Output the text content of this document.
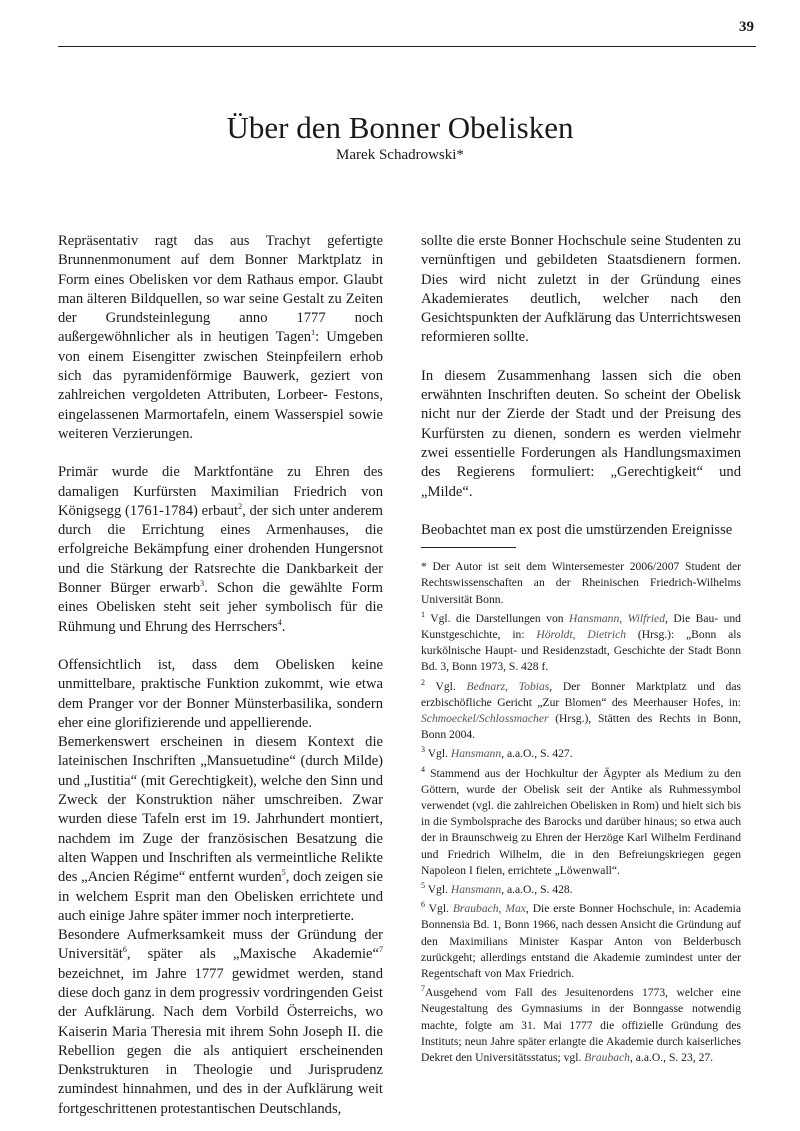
39
Über den Bonner Obelisken
Marek Schadrowski*

Repräsentativ ragt das aus Trachyt gefertigte Brunnenmonument auf dem Bonner Marktplatz in Form eines Obelisken vor dem Rathaus empor. Glaubt man älteren Bildquellen, so war seine Gestalt zu Zeiten der Grundsteinlegung anno 1777 noch außergewöhnlicher als in heutigen Tagen$^1$: Umgeben von einem Eisengitter zwischen Steinpfeilern erhob sich das pyramidenförmige Bauwerk, geziert von zahlreichen vergoldeten Attributen, Lorbeer- Festons, eingelassenen Marmortafeln, einem Wasserspiel sowie weiteren Verzierungen.

Primär wurde die Marktfontäne zu Ehren des damaligen Kurfürsten Maximilian Friedrich von Königsegg (1761-1784) erbaut$^2$, der sich unter anderem durch die Errichtung eines Armenhauses, die erfolgreiche Bekämpfung einer drohenden Hungersnot und die Stärkung der Ratsrechte die Dankbarkeit der Bonner Bürger erwarb$^3$. Schon die gewählte Form eines Obelisken steht seit jeher symbolisch für die Rühmung und Ehrung des Herrschers$^4$.

Offensichtlich ist, dass dem Obelisken keine unmittelbare, praktische Funktion zukommt, wie etwa dem Pranger vor der Bonner Münsterbasilika, sondern eher eine glorifizierende und appellierende.

Bemerkenswert erscheinen in diesem Kontext die lateinischen Inschriften „Mansuetudine“ (durch Milde) und „Iustitia“ (mit Gerechtigkeit), welche den Sinn und Zweck der Konstruktion näher umschreiben. Zwar wurden diese Tafeln erst im 19. Jahrhundert montiert, nachdem im Zuge der französischen Besatzung die alten Wappen und Inschriften als vermeintliche Relikte des „Ancien Régime“ entfernt wurden$^5$, doch zeigen sie in welchem Esprit man den Obelisken errichtete und auch einige Jahre später immer noch interpretierte.

Besondere Aufmerksamkeit muss der Gründung der Universität$^6$, später als „Maxische Akademie“$^7$ bezeichnet, im Jahre 1777 gewidmet werden, stand diese doch ganz in dem progressiv vordringenden Geist der Aufklärung. Nach dem Vorbild Österreichs, wo Kaiserin Maria Theresia mit ihrem Sohn Joseph II. die Rebellion gegen die als antiquiert erscheinenden Denkstrukturen in Theologie und Jurisprudenz zumindest hinnahmen, und des in der Aufklärung weit fortgeschrittenen protestantischen Deutschlands,

sollte die erste Bonner Hochschule seine Studenten zu vernünftigen und gebildeten Staatsdienern formen. Dies wird nicht zuletzt in der Gründung eines Akademierates deutlich, welcher nach den Gesichtspunkten der Aufklärung das Unterrichtswesen reformieren sollte.

In diesem Zusammenhang lassen sich die oben erwähnten Inschriften deuten. So scheint der Obelisk nicht nur der Zierde der Stadt und der Preisung des Kurfürsten zu dienen, sondern es werden vielmehr zwei essentielle Forderungen als Handlungsmaximen des Regierens formuliert: „Gerechtigkeit“ und „Milde“.

Beobachtet man ex post die umstürzenden Ereignisse

* Der Autor ist seit dem Wintersemester 2006/2007 Student der Rechtswissenschaften an der Rheinischen Friedrich-Wilhelms Universität Bonn.

$^1$ Vgl. die Darstellungen von Hansmann, Wilfried, Die Bau- und Kunstgeschichte, in: Höroldt, Dietrich (Hrsg.): „Bonn als kurkölnische Haupt- und Residenzstadt, Geschichte der Stadt Bonn Bd. 3, Bonn 1973, S. 428 f.

$^2$ Vgl. Bednarz, Tobias, Der Bonner Marktplatz und das erzbischöfliche Gericht „Zur Blomen“ des Meerhauser Hofes, in: Schmoeckel/Schlossmacher (Hrsg.), Stätten des Rechts in Bonn, Bonn 2004.

$^3$ Vgl. Hansmann, a.a.O., S. 427.

$^4$ Stammend aus der Hochkultur der Ägypter als Medium zu den Göttern, wurde der Obelisk seit der Antike als Ruhmessymbol verwendet (vgl. die zahlreichen Obelisken in Rom) und hielt sich bis in die Symbolsprache des Barocks und darüber hinaus; so etwa auch der in Braunschweig zu Ehren der Herzöge Karl Wilhelm Ferdinand und Friedrich Wilhelm, die in den Befreiungskriegen gegen Napoleon I fielen, errichtete „Löwenwall“.

$^5$ Vgl. Hansmann, a.a.O., S. 428.

$^6$ Vgl. Braubach, Max, Die erste Bonner Hochschule, in: Academia Bonnensia Bd. 1, Bonn 1966, nach dessen Ansicht die Gründung auf den Maximilians Minister Kaspar Anton von Belderbusch zurückgeht; allerdings entstand die Akademie zumindest unter der Regentschaft von Max Friedrich.

$^7$Ausgehend vom Fall des Jesuitenordens 1773, welcher eine Neugestaltung des Gymnasiums in der Bonngasse notwendig machte, folgte am 31. Mai 1777 die offizielle Gründung des Instituts; neun Jahre später erlangte die Akademie durch kaiserliches Dekret den Universitätsstatus; vgl. Braubach, a.a.O., S. 23, 27.
